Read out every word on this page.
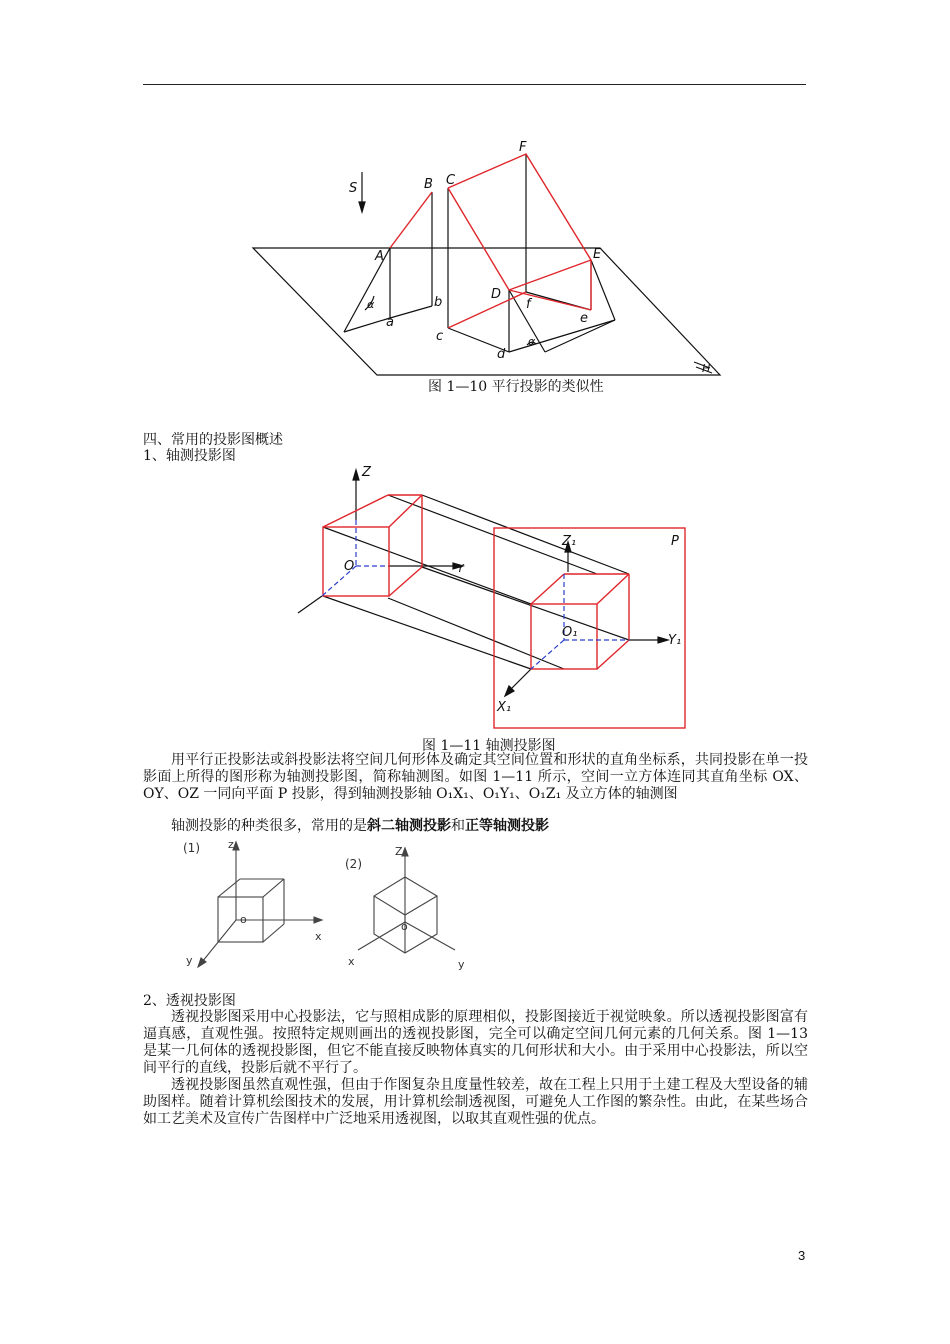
S	B C
F
A	E
D
a
b
c
f
e
d
α
α
H
图 1—10 平行投影的类似性
四、常用的投影图概述
1、轴测投影图
Z
O	Y
Z₁	P
O₁
Y₁
X₁
图 1—11 轴测投影图
用平行正投影法或斜投影法将空间几何形体及确定其空间位置和形状的直角坐标系，共同投影在单一投影面上所得的图形称为轴测投影图，简称轴测图。如图 1—11 所示，空间一立方体连同其直角坐标 OX、OY、OZ 一同向平面 P 投影，得到轴测投影轴 O₁X₁、O₁Y₁、O₁Z₁ 及立方体的轴测图
轴测投影的种类很多，常用的是斜二轴测投影和正等轴测投影
(1)
(2)
z
o
x
y
Z
o
x	y
2、透视投影图
透视投影图采用中心投影法，它与照相成影的原理相似，投影图接近于视觉映象。所以透视投影图富有逼真感，直观性强。按照特定规则画出的透视投影图，完全可以确定空间几何元素的几何关系。图 1—13 是某一几何体的透视投影图，但它不能直接反映物体真实的几何形状和大小。由于采用中心投影法，所以空间平行的直线，投影后就不平行了。
透视投影图虽然直观性强，但由于作图复杂且度量性较差，故在工程上只用于土建工程及大型设备的辅助图样。随着计算机绘图技术的发展，用计算机绘制透视图，可避免人工作图的繁杂性。由此，在某些场合如工艺美术及宣传广告图样中广泛地采用透视图，以取其直观性强的优点。
3
